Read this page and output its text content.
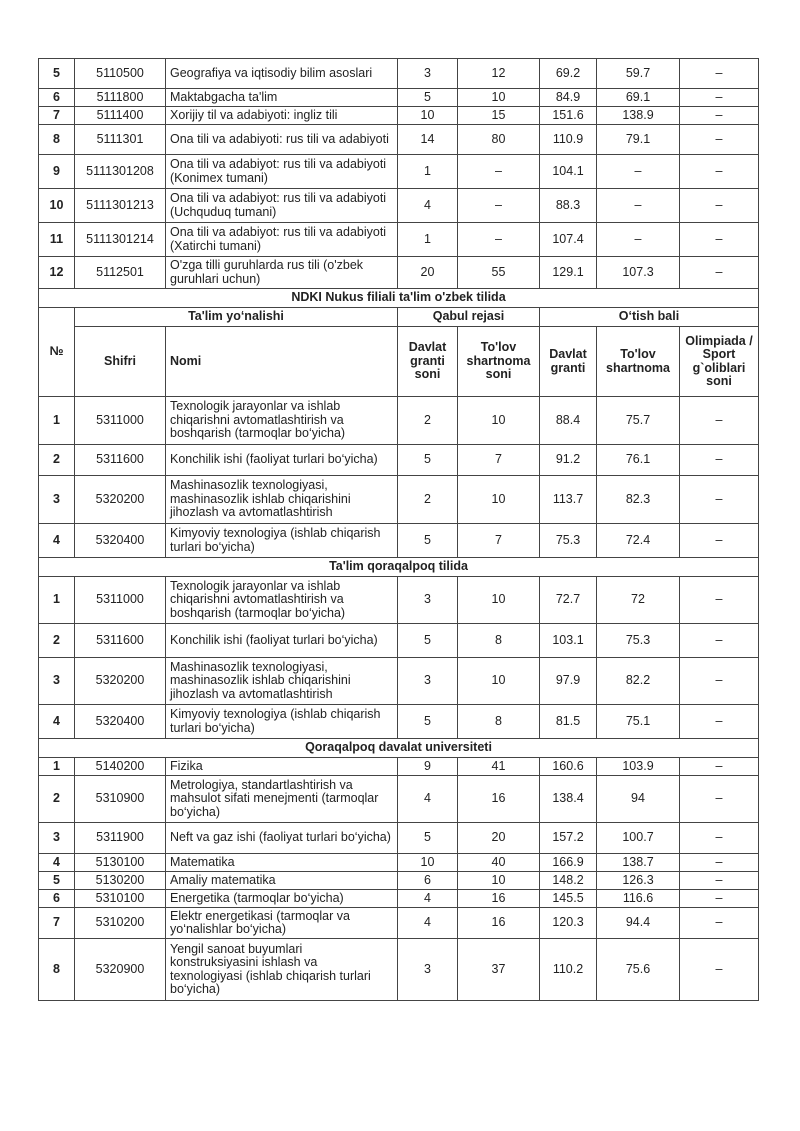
5	5110500	Geografiya va iqtisodiy bilim asoslari	3	12	69.2	59.7	–
6	5111800	Maktabgacha ta'lim	5	10	84.9	69.1	–
7	5111400	Xorijiy til va adabiyoti: ingliz tili	10	15	151.6	138.9	–
8	5111301	Ona tili va adabiyoti: rus tili va adabiyoti	14	80	110.9	79.1	–
9	5111301208	Ona tili va adabiyot: rus tili va adabiyoti (Konimex tumani)	1	–	104.1	–	–
10	5111301213	Ona tili va adabiyot: rus tili va adabiyoti (Uchquduq tumani)	4	–	88.3	–	–
11	5111301214	Ona tili va adabiyot: rus tili va adabiyoti (Xatirchi tumani)	1	–	107.4	–	–
12	5112501	O'zga tilli guruhlarda rus tili (o'zbek guruhlari uchun)	20	55	129.1	107.3	–
NDKI Nukus filiali ta'lim o'zbek tilida							
№	Ta'lim yo‘nalishi		Qabul rejasi		O‘tish bali		
	Shifri	Nomi	Davlat granti soni	To'lov shartnoma soni	Davlat granti	To'lov shartnoma	Olimpiada / Sport g`oliblari soni
1	5311000	Texnologik jarayonlar va ishlab chiqarishni avtomatlashtirish va boshqarish (tarmoqlar bo‘yicha)	2	10	88.4	75.7	–
2	5311600	Konchilik ishi (faoliyat turlari bo‘yicha)	5	7	91.2	76.1	–
3	5320200	Mashinasozlik texnologiyasi, mashinasozlik ishlab chiqarishini jihozlash va avtomatlashtirish	2	10	113.7	82.3	–
4	5320400	Kimyoviy texnologiya (ishlab chiqarish turlari bo‘yicha)	5	7	75.3	72.4	–
Ta'lim qoraqalpoq tilida							
1	5311000	Texnologik jarayonlar va ishlab chiqarishni avtomatlashtirish va boshqarish (tarmoqlar bo‘yicha)	3	10	72.7	72	–
2	5311600	Konchilik ishi (faoliyat turlari bo‘yicha)	5	8	103.1	75.3	–
3	5320200	Mashinasozlik texnologiyasi, mashinasozlik ishlab chiqarishini jihozlash va avtomatlashtirish	3	10	97.9	82.2	–
4	5320400	Kimyoviy texnologiya (ishlab chiqarish turlari bo‘yicha)	5	8	81.5	75.1	–
Qoraqalpoq davalat universiteti							
1	5140200	Fizika	9	41	160.6	103.9	–
2	5310900	Metrologiya, standartlashtirish va mahsulot sifati menejmenti (tarmoqlar bo‘yicha)	4	16	138.4	94	–
3	5311900	Neft va gaz ishi (faoliyat turlari bo‘yicha)	5	20	157.2	100.7	–
4	5130100	Matematika	10	40	166.9	138.7	–
5	5130200	Amaliy matematika	6	10	148.2	126.3	–
6	5310100	Energetika (tarmoqlar bo‘yicha)	4	16	145.5	116.6	–
7	5310200	Elektr energetikasi (tarmoqlar va yo‘nalishlar bo‘yicha)	4	16	120.3	94.4	–
8	5320900	Yengil sanoat buyumlari konstruksiyasini ishlash va texnologiyasi (ishlab chiqarish turlari bo‘yicha)	3	37	110.2	75.6	–
